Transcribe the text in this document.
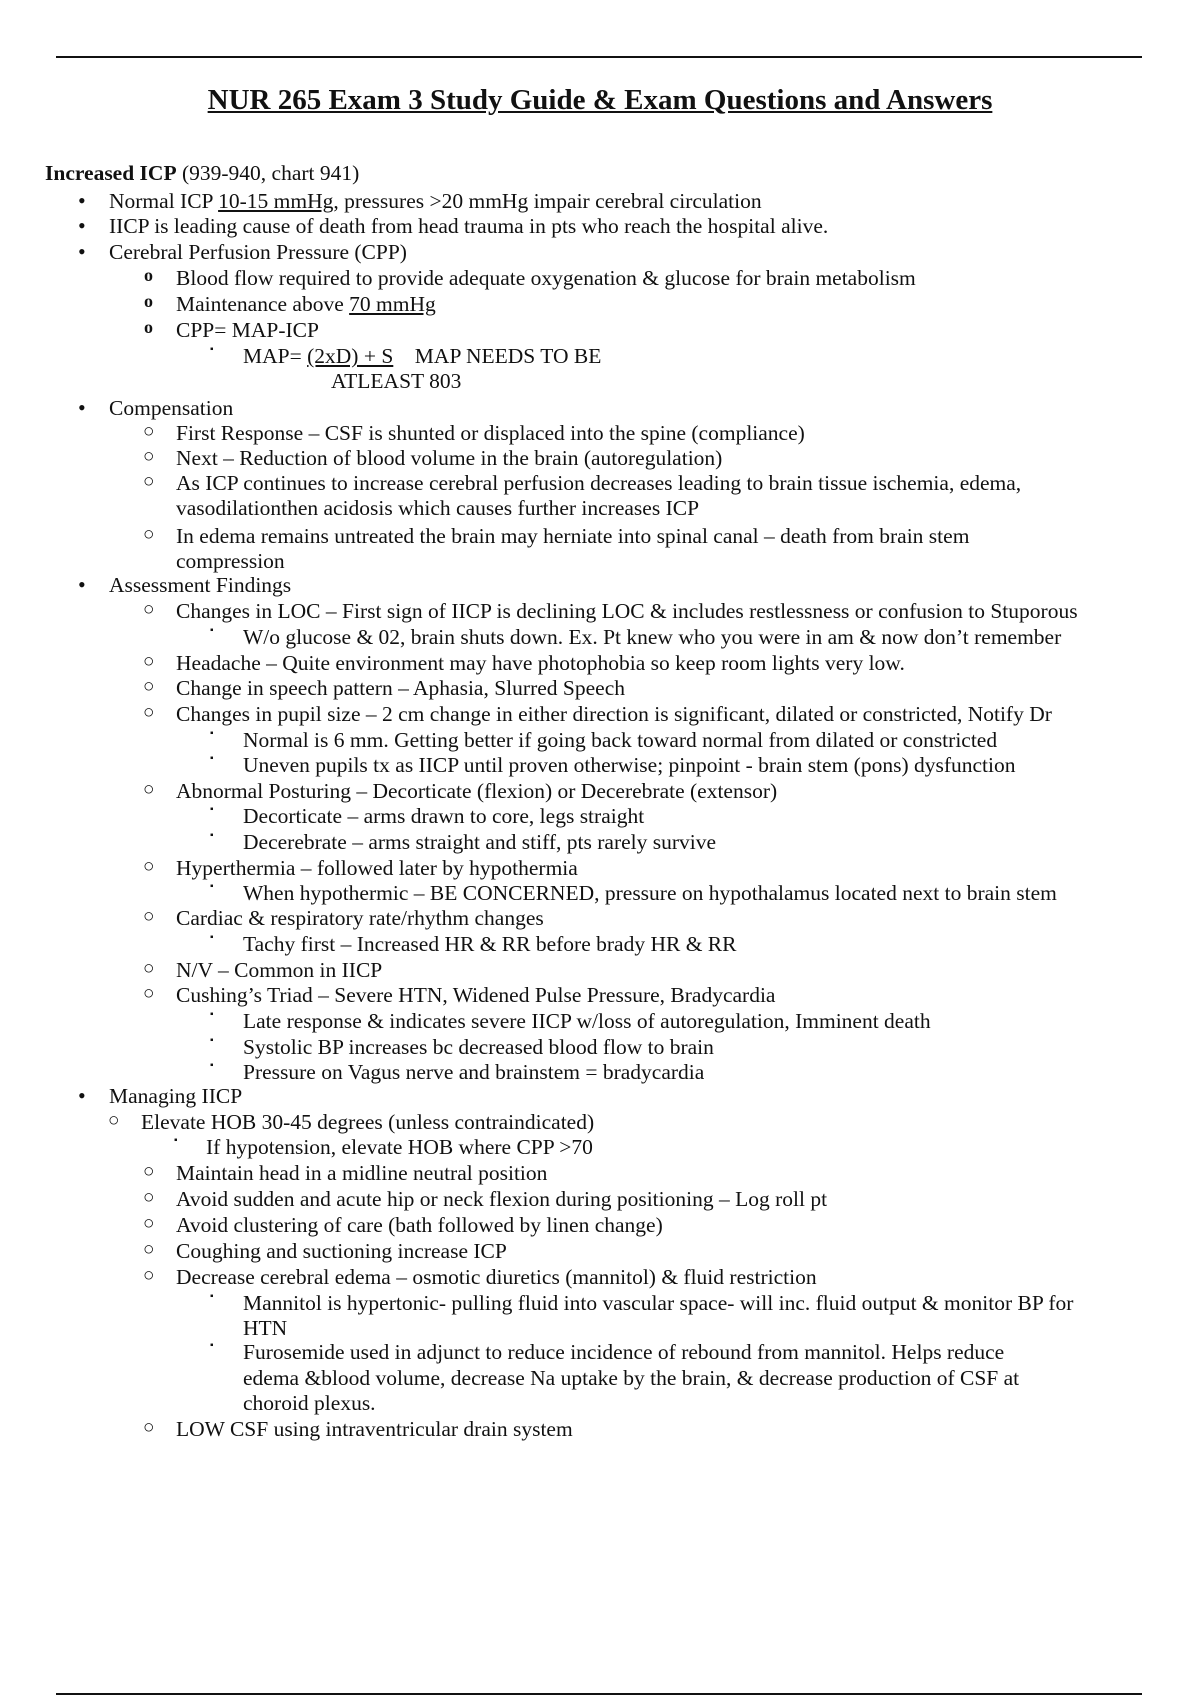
NUR 265 Exam 3 Study Guide & Exam Questions and Answers

Increased ICP (939-940, chart 941)

Normal ICP 10-15 mmHg, pressures >20 mmHg impair cerebral circulation

•

IICP is leading cause of death from head trauma in pts who reach the hospital alive.

•

Cerebral Perfusion Pressure (CPP)

•

Blood flow required to provide adequate oxygenation & glucose for brain metabolism

o

Maintenance above 70 mmHg

o

CPP= MAP-ICP

o

MAP= (2xD) + S    MAP NEEDS TO BE

▪

ATLEAST 803

Compensation

•

First Response – CSF is shunted or displaced into the spine (compliance)

○

Next – Reduction of blood volume in the brain (autoregulation)

○

As ICP continues to increase cerebral perfusion decreases leading to brain tissue ischemia, edema,

○

vasodilationthen acidosis which causes further increases ICP

In edema remains untreated the brain may herniate into spinal canal – death from brain stem

○

compression

Assessment Findings

•

Changes in LOC – First sign of IICP is declining LOC & includes restlessness or confusion to Stuporous

○

W/o glucose & 02, brain shuts down. Ex. Pt knew who you were in am & now don’t remember

▪

Headache – Quite environment may have photophobia so keep room lights very low.

○

Change in speech pattern – Aphasia, Slurred Speech

○

Changes in pupil size – 2 cm change in either direction is significant, dilated or constricted, Notify Dr

○

Normal is 6 mm. Getting better if going back toward normal from dilated or constricted

▪

Uneven pupils tx as IICP until proven otherwise; pinpoint - brain stem (pons) dysfunction

▪

Abnormal Posturing – Decorticate (flexion) or Decerebrate (extensor)

○

Decorticate – arms drawn to core, legs straight

▪

Decerebrate – arms straight and stiff, pts rarely survive

▪

Hyperthermia – followed later by hypothermia

○

When hypothermic – BE CONCERNED, pressure on hypothalamus located next to brain stem

▪

Cardiac & respiratory rate/rhythm changes

○

Tachy first – Increased HR & RR before brady HR & RR

▪

N/V – Common in IICP

○

Cushing’s Triad – Severe HTN, Widened Pulse Pressure, Bradycardia

○

Late response & indicates severe IICP w/loss of autoregulation, Imminent death

▪

Systolic BP increases bc decreased blood flow to brain

▪

Pressure on Vagus nerve and brainstem = bradycardia

▪

Managing IICP

•

Elevate HOB 30-45 degrees (unless contraindicated)

○

If hypotension, elevate HOB where CPP >70

▪

Maintain head in a midline neutral position

○

Avoid sudden and acute hip or neck flexion during positioning – Log roll pt

○

Avoid clustering of care (bath followed by linen change)

○

Coughing and suctioning increase ICP

○

Decrease cerebral edema – osmotic diuretics (mannitol) & fluid restriction

○

Mannitol is hypertonic- pulling fluid into vascular space- will inc. fluid output & monitor BP for

▪

HTN

Furosemide used in adjunct to reduce incidence of rebound from mannitol. Helps reduce

▪

edema &blood volume, decrease Na uptake by the brain, & decrease production of CSF at

choroid plexus.

LOW CSF using intraventricular drain system

○
